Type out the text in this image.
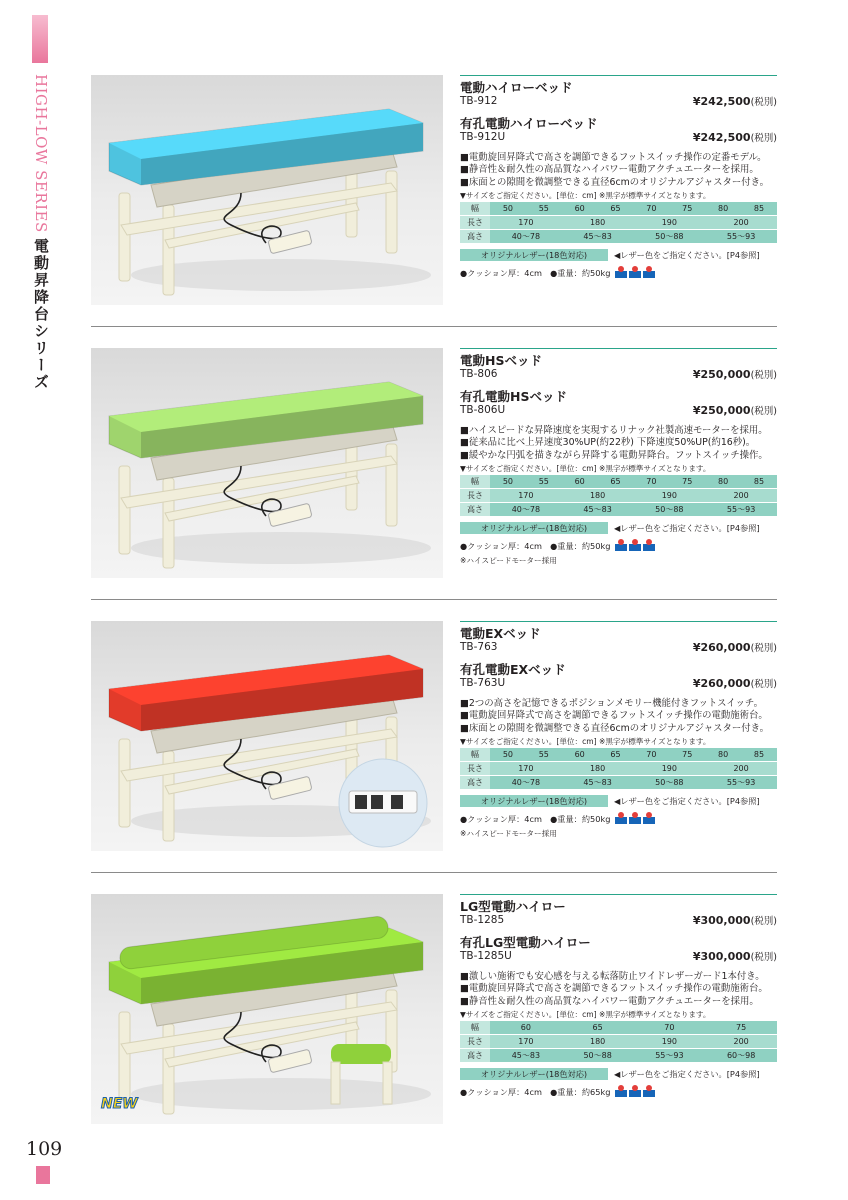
HIGH-LOW SERIES
電動昇降台シリーズ
109
電動ハイローベッド
TB-912	¥242,500(税別)
有孔電動ハイローベッド
TB-912U	¥242,500(税別)
■電動旋回昇降式で高さを調節できるフットスイッチ操作の定番モデル。
■静音性＆耐久性の高品質なハイパワー電動アクチュエーターを採用。
■床面との隙間を微調整できる直径6cmのオリジナルアジャスター付き。
▼サイズをご指定ください。[単位：cm] ※黒字が標準サイズとなります。
幅	50	55	60	65	70	75	80	85
長さ	170		180		190		200	
高さ	40～78		45～83		50～88		55～93	
オリジナルレザー(18色対応)	◀レザー色をご指定ください。[P4参照]
●クッション厚：4cm　●重量：約50kg
電動HSベッド
TB-806	¥250,000(税別)
有孔電動HSベッド
TB-806U	¥250,000(税別)
■ハイスピードな昇降速度を実現するリナック社製高速モーターを採用。
■従来品に比べ上昇速度30%UP(約22秒) 下降速度50%UP(約16秒)。
■緩やかな円弧を描きながら昇降する電動昇降台。フットスイッチ操作。
▼サイズをご指定ください。[単位：cm] ※黒字が標準サイズとなります。
幅	50	55	60	65	70	75	80	85
長さ	170		180		190		200	
高さ	40～78		45～83		50～88		55～93	
オリジナルレザー(18色対応)	◀レザー色をご指定ください。[P4参照]
●クッション厚：4cm　●重量：約50kg
※ハイスピードモーター採用
電動EXベッド
TB-763	¥260,000(税別)
有孔電動EXベッド
TB-763U	¥260,000(税別)
■2つの高さを記憶できるポジションメモリー機能付きフットスイッチ。
■電動旋回昇降式で高さを調節できるフットスイッチ操作の電動施術台。
■床面との隙間を微調整できる直径6cmのオリジナルアジャスター付き。
▼サイズをご指定ください。[単位：cm] ※黒字が標準サイズとなります。
幅	50	55	60	65	70	75	80	85
長さ	170		180		190		200	
高さ	40～78		45～83		50～88		55～93	
オリジナルレザー(18色対応)	◀レザー色をご指定ください。[P4参照]
●クッション厚：4cm　●重量：約50kg
※ハイスピードモーター採用
NEW
LG型電動ハイロー
TB-1285	¥300,000(税別)
有孔LG型電動ハイロー
TB-1285U	¥300,000(税別)
■激しい施術でも安心感を与える転落防止ワイドレザーガード1本付き。
■電動旋回昇降式で高さを調節できるフットスイッチ操作の電動施術台。
■静音性＆耐久性の高品質なハイパワー電動アクチュエーターを採用。
▼サイズをご指定ください。[単位：cm] ※黒字が標準サイズとなります。
幅	60	65	70	75
長さ	170	180	190	200
高さ	45～83	50～88	55～93	60～98
オリジナルレザー(18色対応)	◀レザー色をご指定ください。[P4参照]
●クッション厚：4cm　●重量：約65kg
